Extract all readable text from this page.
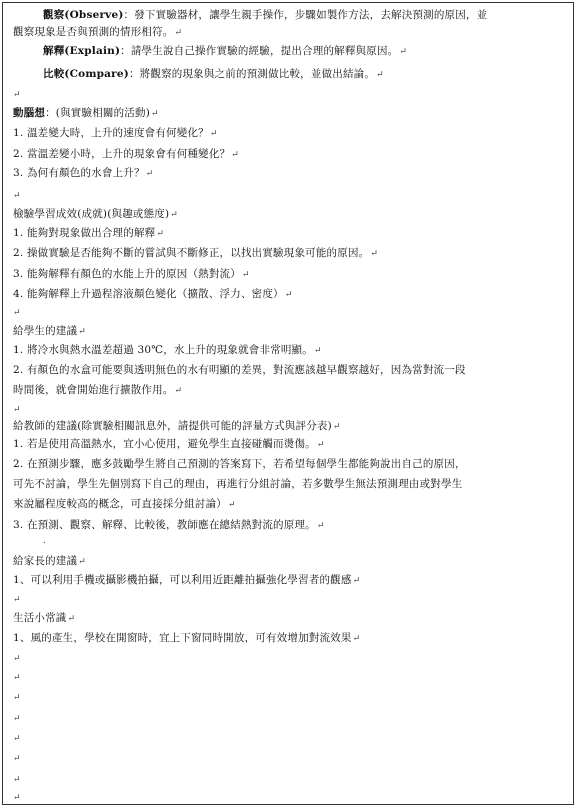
觀察(Observe)：發下實驗器材，讓學生親手操作，步驟如製作方法，去解決預測的原因，並
觀察現象是否與預測的情形相符。↵
解釋(Explain)：請學生說自己操作實驗的經驗，提出合理的解釋與原因。↵
比較(Compare)：將觀察的現象與之前的預測做比較，並做出結論。↵
↵
動腦想：(與實驗相關的活動)↵
1. 溫差變大時，上升的速度會有何變化？↵
2. 當溫差變小時，上升的現象會有何種變化？↵
3. 為何有顏色的水會上升？↵
↵
檢驗學習成效(成就)(與趣或態度)↵
1. 能夠對現象做出合理的解釋↵
2. 操做實驗是否能夠不斷的嘗試與不斷修正，以找出實驗現象可能的原因。↵
3. 能夠解釋有顏色的水能上升的原因（熱對流）↵
4. 能夠解釋上升過程溶液顏色變化（擴散、浮力、密度）↵
↵
給學生的建議↵
1. 將冷水與熱水溫差超過 30℃，水上升的現象就會非常明顯。↵
2. 有顏色的水盒可能要與透明無色的水有明顯的差異，對流應該越早觀察越好，因為當對流一段
時間後，就會開始進行擴散作用。↵
↵
給教師的建議(除實驗相關訊息外，請提供可能的評量方式與評分表)↵
1. 若是使用高溫熱水，宜小心使用，避免學生直接碰觸而燙傷。↵
2. 在預測步驟，應多鼓勵學生將自己預測的答案寫下，若希望每個學生都能夠說出自己的原因，
可先不討論，學生先個別寫下自己的理由，再進行分組討論，若多數學生無法預測理由或對學生
來說屬程度較高的概念，可直接採分組討論）↵
3. 在預測、觀察、解釋、比較後，教師應在總結熱對流的原理。↵
.
給家長的建議↵
1、可以利用手機或攝影機拍攝，可以利用近距離拍攝強化學習者的觀感↵
↵
生活小常識↵
1、風的產生，學校在開窗時，宜上下窗同時開放，可有效增加對流效果↵
↵
↵
↵
↵
↵
↵
↵
↵
